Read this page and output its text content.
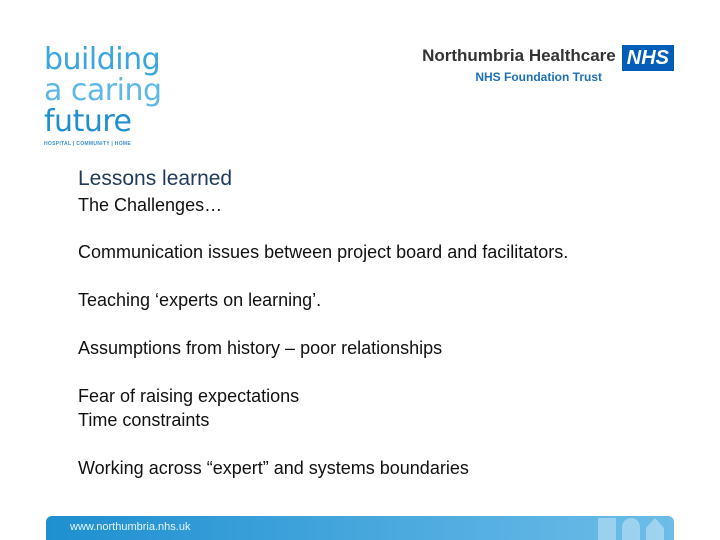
building
a caring
future
HOSPITAL | COMMUNITY | HOME
Northumbria Healthcare NHS
NHS Foundation Trust
Lessons learned
The Challenges…
Communication issues between project board and facilitators.
Teaching ‘experts on learning’.
Assumptions from history – poor relationships
Fear of raising expectations
Time constraints
Working across “expert” and systems boundaries
www.northumbria.nhs.uk
